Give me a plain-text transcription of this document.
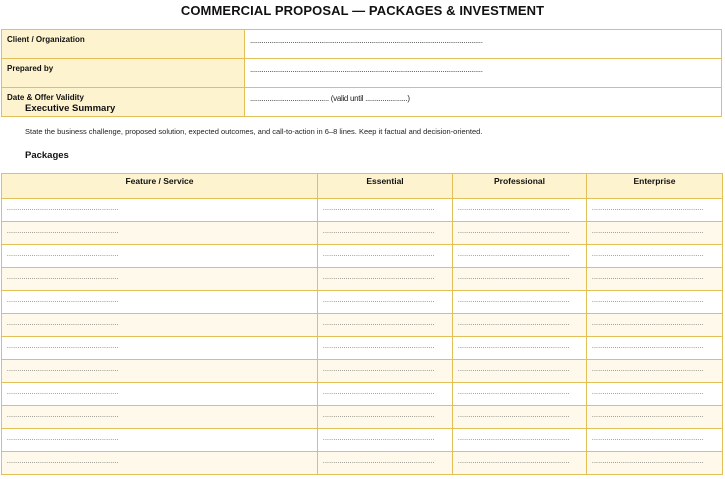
COMMERCIAL PROPOSAL — PACKAGES & INVESTMENT
Client / Organization	.........................................................................................................................
Prepared by	.........................................................................................................................
Date & Offer Validity	......................................... (valid until ......................)
Executive Summary
State the business challenge, proposed solution, expected outcomes, and call-to-action in 6–8 lines. Keep it factual and decision-oriented.
Packages
Feature / Service	Essential	Professional	Enterprise
......................................................	......................................................	......................................................	......................................................
......................................................	......................................................	......................................................	......................................................
......................................................	......................................................	......................................................	......................................................
......................................................	......................................................	......................................................	......................................................
......................................................	......................................................	......................................................	......................................................
......................................................	......................................................	......................................................	......................................................
......................................................	......................................................	......................................................	......................................................
......................................................	......................................................	......................................................	......................................................
......................................................	......................................................	......................................................	......................................................
......................................................	......................................................	......................................................	......................................................
......................................................	......................................................	......................................................	......................................................
......................................................	......................................................	......................................................	......................................................
